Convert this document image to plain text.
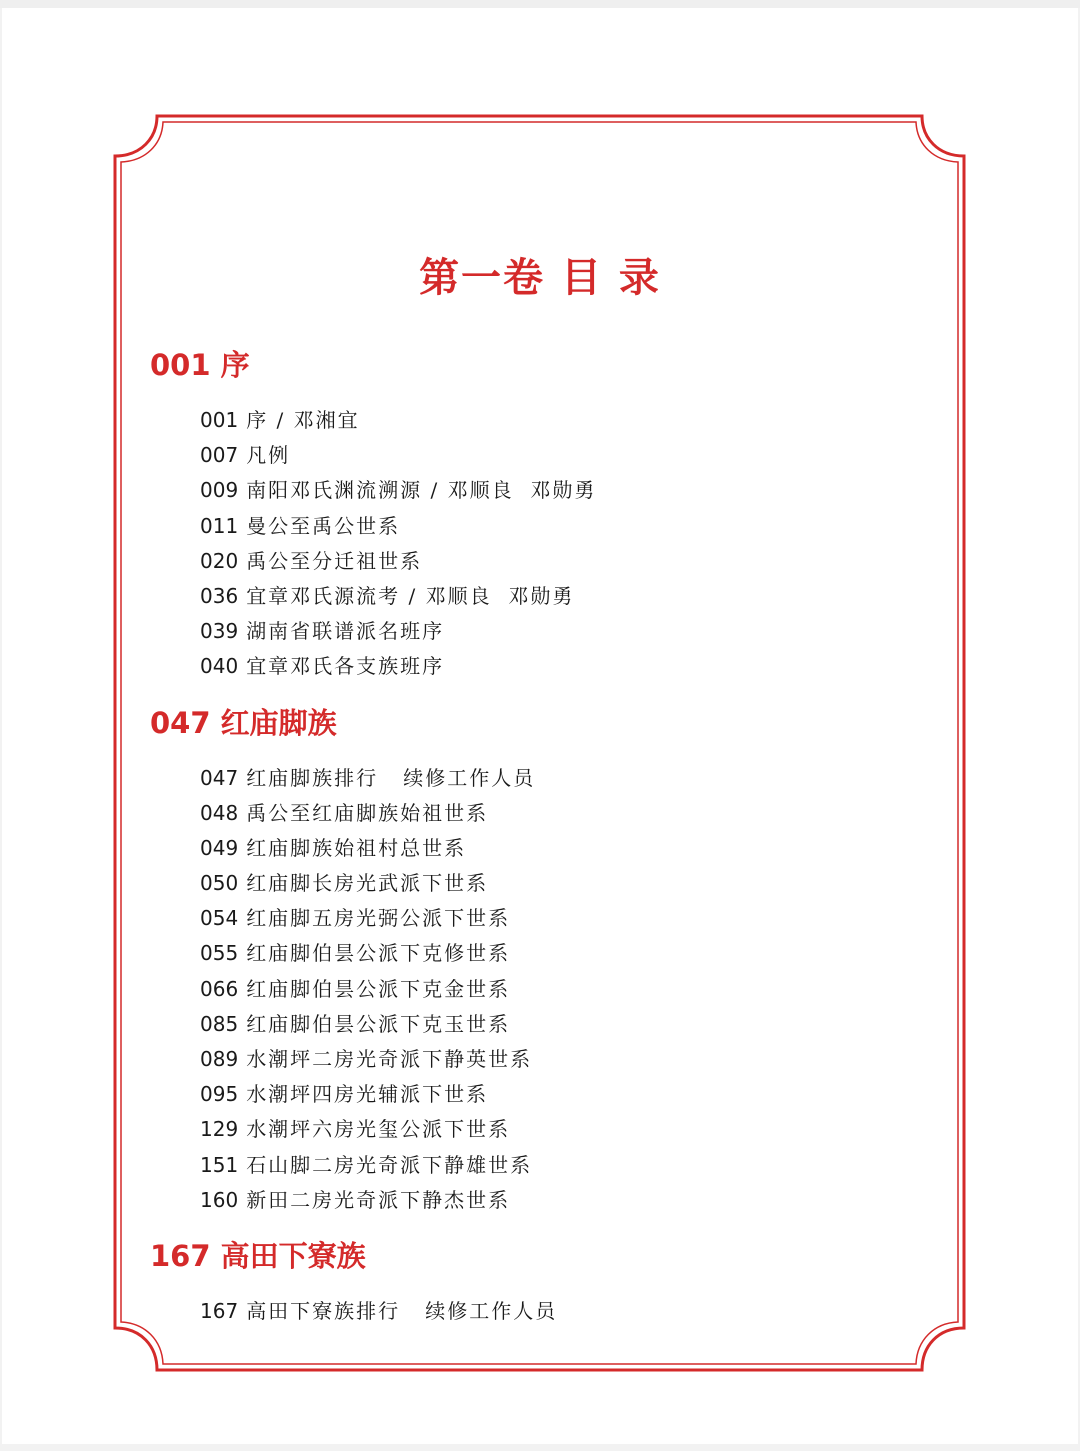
第一卷 目 录
001 序
001 序 / 邓湘宜
007 凡例
009 南阳邓氏渊流溯源 / 邓顺良  邓勋勇
011 曼公至禹公世系
020 禹公至分迁祖世系
036 宜章邓氏源流考 / 邓顺良  邓勋勇
039 湖南省联谱派名班序
040 宜章邓氏各支族班序
047 红庙脚族
047 红庙脚族排行   续修工作人员
048 禹公至红庙脚族始祖世系
049 红庙脚族始祖村总世系
050 红庙脚长房光武派下世系
054 红庙脚五房光弼公派下世系
055 红庙脚伯昙公派下克修世系
066 红庙脚伯昙公派下克金世系
085 红庙脚伯昙公派下克玉世系
089 水潮坪二房光奇派下静英世系
095 水潮坪四房光辅派下世系
129 水潮坪六房光玺公派下世系
151 石山脚二房光奇派下静雄世系
160 新田二房光奇派下静杰世系
167 高田下寮族
167 高田下寮族排行   续修工作人员
